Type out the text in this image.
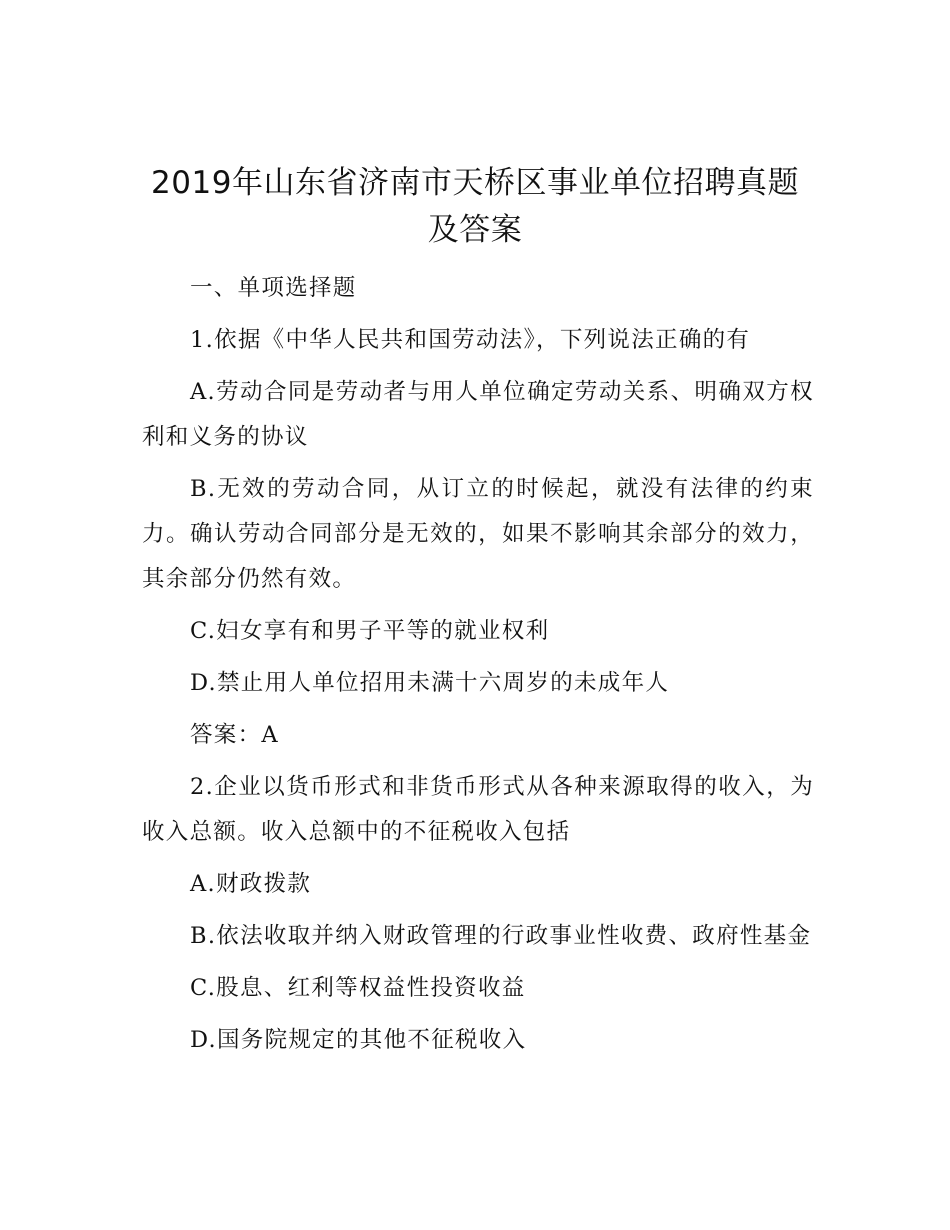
2019年山东省济南市天桥区事业单位招聘真题
及答案

一、单项选择题

1.依据《中华人民共和国劳动法》，下列说法正确的有

A.劳动合同是劳动者与用人单位确定劳动关系、明确双方权利和义务的协议

B.无效的劳动合同，从订立的时候起，就没有法律的约束力。确认劳动合同部分是无效的，如果不影响其余部分的效力，其余部分仍然有效。

C.妇女享有和男子平等的就业权利

D.禁止用人单位招用未满十六周岁的未成年人

答案：A

2.企业以货币形式和非货币形式从各种来源取得的收入，为收入总额。收入总额中的不征税收入包括

A.财政拨款

B.依法收取并纳入财政管理的行政事业性收费、政府性基金

C.股息、红利等权益性投资收益

D.国务院规定的其他不征税收入
